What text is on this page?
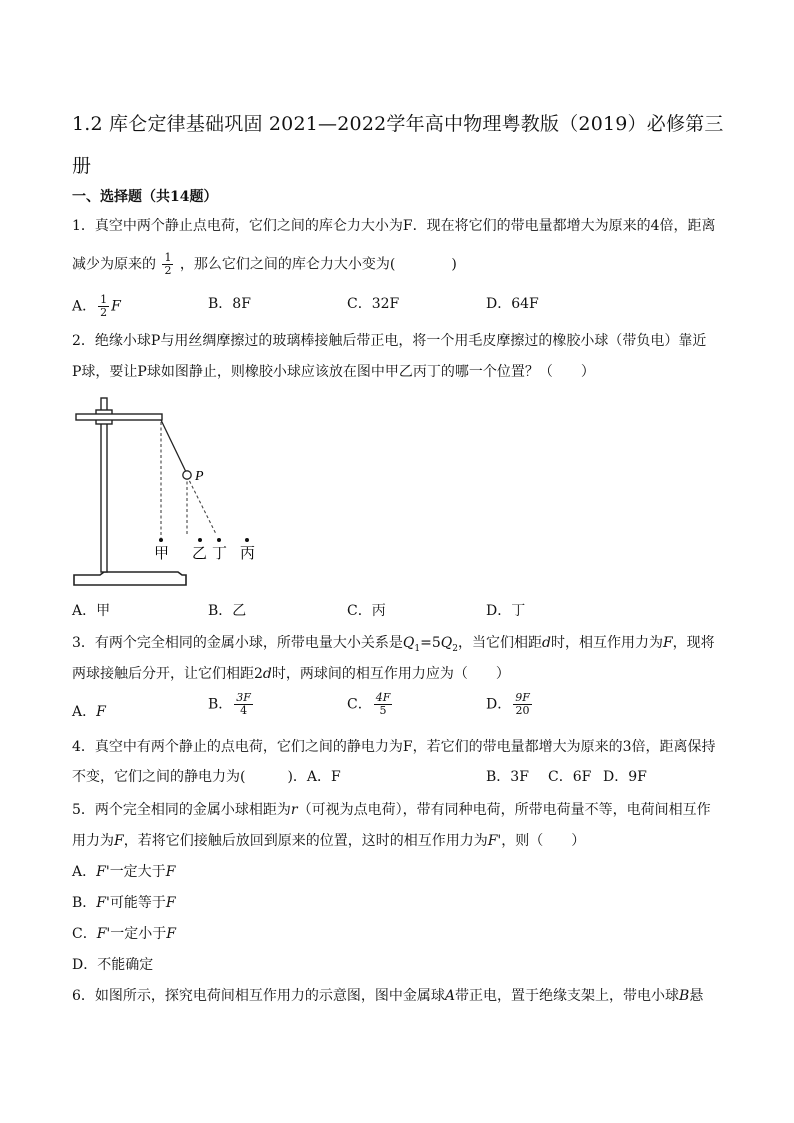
1.2 库仑定律基础巩固 2021—2022学年高中物理粤教版（2019）必修第三册
一、选择题（共14题）
1．真空中两个静止点电荷，它们之间的库仑力大小为F．现在将它们的带电量都增大为原来的4倍，距离
减少为原来的 $\frac{1}{2}$ ，那么它们之间的库仑力大小变为(　　　　)
A． $\frac{1}{2}$ F	B．8F	C．32F	D．64F
2．绝缘小球P与用丝绸摩擦过的玻璃棒接触后带正电，将一个用毛皮摩擦过的橡胶小球（带负电）靠近
P球，要让P球如图静止，则橡胶小球应该放在图中甲乙丙丁的哪一个位置？（　　）
P
甲 乙 丁 丙
A．甲	B．乙	C．丙	D．丁
3．有两个完全相同的金属小球，所带电量大小关系是$Q_1=5Q_2$，当它们相距d时，相互作用力为F，现将
两球接触后分开，让它们相距2d时，两球间的相互作用力应为（　　）
A．F	B． $\frac{3F}{4}$	C． $\frac{4F}{5}$	D． $\frac{9F}{20}$
4．真空中有两个静止的点电荷，它们之间的静电力为F，若它们的带电量都增大为原来的3倍，距离保持
不变，它们之间的静电力为(　　　)．A．F	B．3F C．6F D．9F
5．两个完全相同的金属小球相距为r（可视为点电荷），带有同种电荷，所带电荷量不等，电荷间相互作
用力为F，若将它们接触后放回到原来的位置，这时的相互作用力为F'，则（　　）
A．F'一定大于F
B．F'可能等于F
C．F'一定小于F
D．不能确定
6．如图所示，探究电荷间相互作用力的示意图，图中金属球A带正电，置于绝缘支架上，带电小球B悬
